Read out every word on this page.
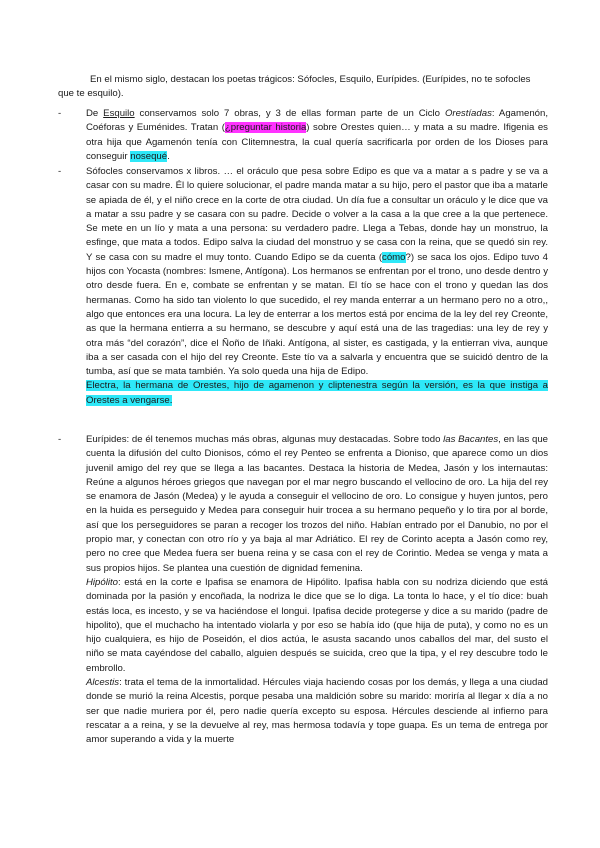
En el mismo siglo, destacan los poetas trágicos: Sófocles, Esquilo, Eurípides. (Eurípides, no te sofocles que te esquilo).

-	De Esquilo conservamos solo 7 obras, y 3 de ellas forman parte de un Ciclo Orestíadas: Agamenón, Coéforas y Euménides. Tratan (¿preguntar historia) sobre Orestes quien… y mata a su madre. Ifigenia es otra hija que Agamenón tenía con Clitemnestra, la cual quería sacrificarla por orden de los Dioses para conseguir nosequé.

-	Sófocles conservamos x libros. … el oráculo que pesa sobre Edipo es que va a matar a s padre y se va a casar con su madre. Él lo quiere solucionar, el padre manda matar a su hijo, pero el pastor que iba a matarle se apiada de él, y el niño crece en la corte de otra ciudad. Un día fue a consultar un oráculo y le dice que va a matar a ssu padre y se casara con su padre. Decide o volver a la casa a la que cree a la que pertenece. Se mete en un lío y mata a una persona: su verdadero padre. Llega a Tebas, donde hay un monstruo, la esfinge, que mata a todos. Edipo salva la ciudad del monstruo y se casa con la reina, que se quedó sin rey. Y se casa con su madre el muy tonto. Cuando Edipo se da cuenta (cómo?) se saca los ojos. Edipo tuvo 4 hijos con Yocasta (nombres: Ismene, Antígona). Los hermanos se enfrentan por el trono, uno desde dentro y otro desde fuera. En e, combate se enfrentan y se matan. El tío se hace con el trono y quedan las dos hermanas. Como ha sido tan violento lo que sucedido, el rey manda enterrar a un hermano pero no a otro,, algo que entonces era una locura. La ley de enterrar a los mertos está por encima de la ley del rey Creonte, as que la hermana entierra a su hermano, se descubre y aquí está una de las tragedias: una ley de rey y otra más “del corazón”, dice el Ñoño de Iñaki. Antígona, al sister, es castigada, y la entierran viva, aunque iba a ser casada con el hijo del rey Creonte. Este tío va a salvarla y encuentra que se suicidó dentro de la tumba, así que se mata también. Ya solo queda una hija de Edipo.

Electra, la hermana de Orestes, hijo de agamenon y cliptenestra según la versión, es la que instiga a Orestes a vengarse.

-	Eurípides: de él tenemos muchas más obras, algunas muy destacadas. Sobre todo las Bacantes, en las que cuenta la difusión del culto Dionisos, cómo el rey Penteo se enfrenta a Dioniso, que aparece como un dios juvenil amigo del rey que se llega a las bacantes. Destaca la historia de Medea, Jasón y los internautas: Reúne a algunos héroes griegos que navegan por el mar negro buscando el vellocino de oro. La hija del rey se enamora de Jasón (Medea) y le ayuda a conseguir el vellocino de oro. Lo consigue y huyen juntos, pero en la huida es perseguido y Medea para conseguir huir trocea a su hermano pequeño y lo tira por al borde, así que los perseguidores se paran a recoger los trozos del niño. Habían entrado por el Danubio, no por el propio mar, y conectan con otro río y ya baja al mar Adriático. El rey de Corinto acepta a Jasón como rey, pero no cree que Medea fuera ser buena reina y se casa con el rey de Corintio. Medea se venga y mata a sus propios hijos. Se plantea una cuestión de dignidad femenina.

Hipólito: está en la corte e Ipafisa se enamora de Hipólito. Ipafisa habla con su nodriza diciendo que está dominada por la pasión y encoñada, la nodriza le dice que se lo diga. La tonta lo hace, y el tío dice: buah estás loca, es incesto, y se va haciéndose el longui. Ipafisa decide protegerse y dice a su marido (padre de hipolito), que el muchacho ha intentado violarla y por eso se había ido (que hija de puta), y como no es un hijo cualquiera, es hijo de Poseidón, el dios actúa, le asusta sacando unos caballos del mar, del susto el niño se mata cayéndose del caballo, alguien después se suicida, creo que la tipa, y el rey descubre todo le embrollo.

Alcestis: trata el tema de la inmortalidad. Hércules viaja haciendo cosas por los demás, y llega a una ciudad donde se murió la reina Alcestis, porque pesaba una maldición sobre su marido: moriría al llegar x día a no ser que nadie muriera por él, pero nadie quería excepto su esposa. Hércules desciende al infierno para rescatar a a reina, y se la devuelve al rey, mas hermosa todavía y tope guapa. Es un tema de entrega por amor superando a vida y la muerte
